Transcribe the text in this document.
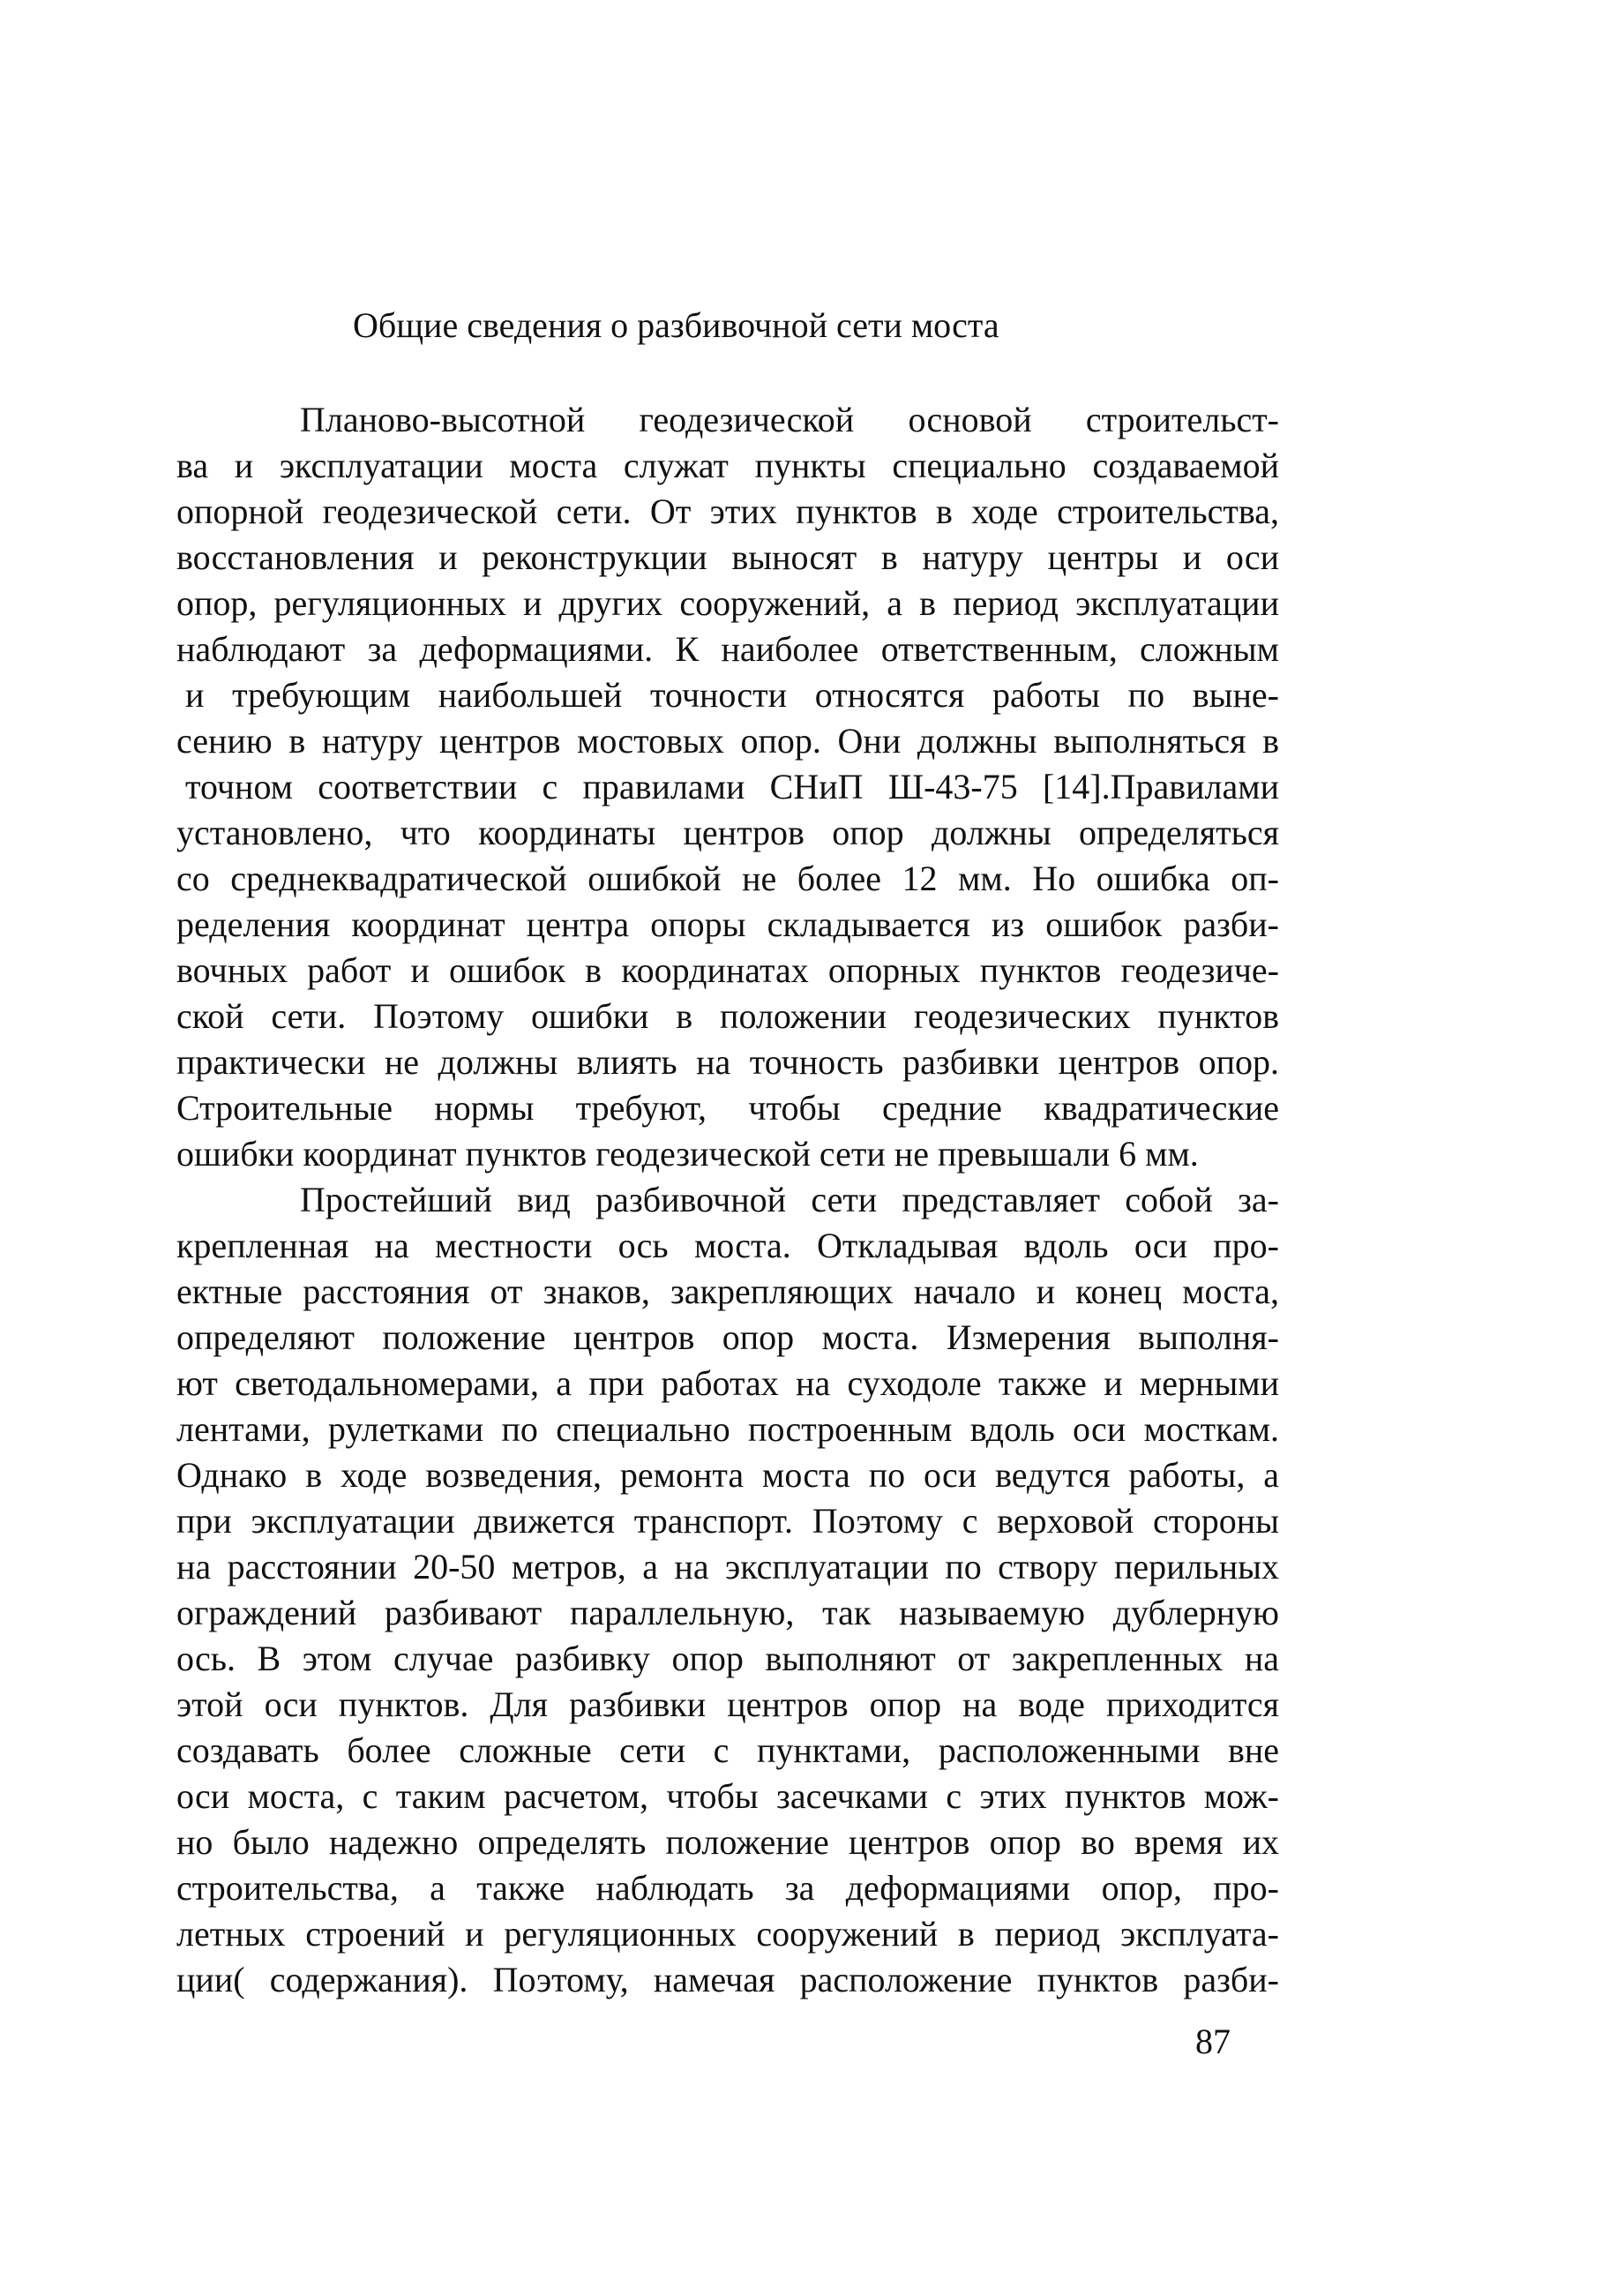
Общие сведения о разбивочной сети моста
Планово-высотной геодезической основой строительст-
ва и эксплуатации моста служат пункты специально создаваемой
опорной геодезической сети. От этих пунктов в ходе строительства,
восстановления и реконструкции выносят в натуру центры и оси
опор, регуляционных и других сооружений, а в период эксплуатации
наблюдают за деформациями. К наиболее ответственным, сложным
и требующим наибольшей точности относятся работы по выне-
сению в натуру центров мостовых опор. Они должны выполняться в
точном соответствии с правилами СНиП Ш-43-75 [14].Правилами
установлено, что координаты центров опор должны определяться
со среднеквадратической ошибкой не более 12 мм. Но ошибка оп-
ределения координат центра опоры складывается из ошибок разби-
вочных работ и ошибок в координатах опорных пунктов геодезиче-
ской сети. Поэтому ошибки в положении геодезических пунктов
практически не должны влиять на точность разбивки центров опор.
Строительные нормы требуют, чтобы средние квадратические
ошибки координат пунктов геодезической сети не превышали 6 мм.
Простейший вид разбивочной сети представляет собой за-
крепленная на местности ось моста. Откладывая вдоль оси про-
ектные расстояния от знаков, закрепляющих начало и конец моста,
определяют положение центров опор моста. Измерения выполня-
ют светодальномерами, а при работах на суходоле также и мерными
лентами, рулетками по специально построенным вдоль оси мосткам.
Однако в ходе возведения, ремонта моста по оси ведутся работы, а
при эксплуатации движется транспорт. Поэтому с верховой стороны
на расстоянии 20-50 метров, а на эксплуатации по створу перильных
ограждений разбивают параллельную, так называемую дублерную
ось. В этом случае разбивку опор выполняют от закрепленных на
этой оси пунктов. Для разбивки центров опор на воде приходится
создавать более сложные сети с пунктами, расположенными вне
оси моста, с таким расчетом, чтобы засечками с этих пунктов мож-
но было надежно определять положение центров опор во время их
строительства, а также наблюдать за деформациями опор, про-
летных строений и регуляционных сооружений в период эксплуата-
ции( содержания). Поэтому, намечая расположение пунктов разби-
87
